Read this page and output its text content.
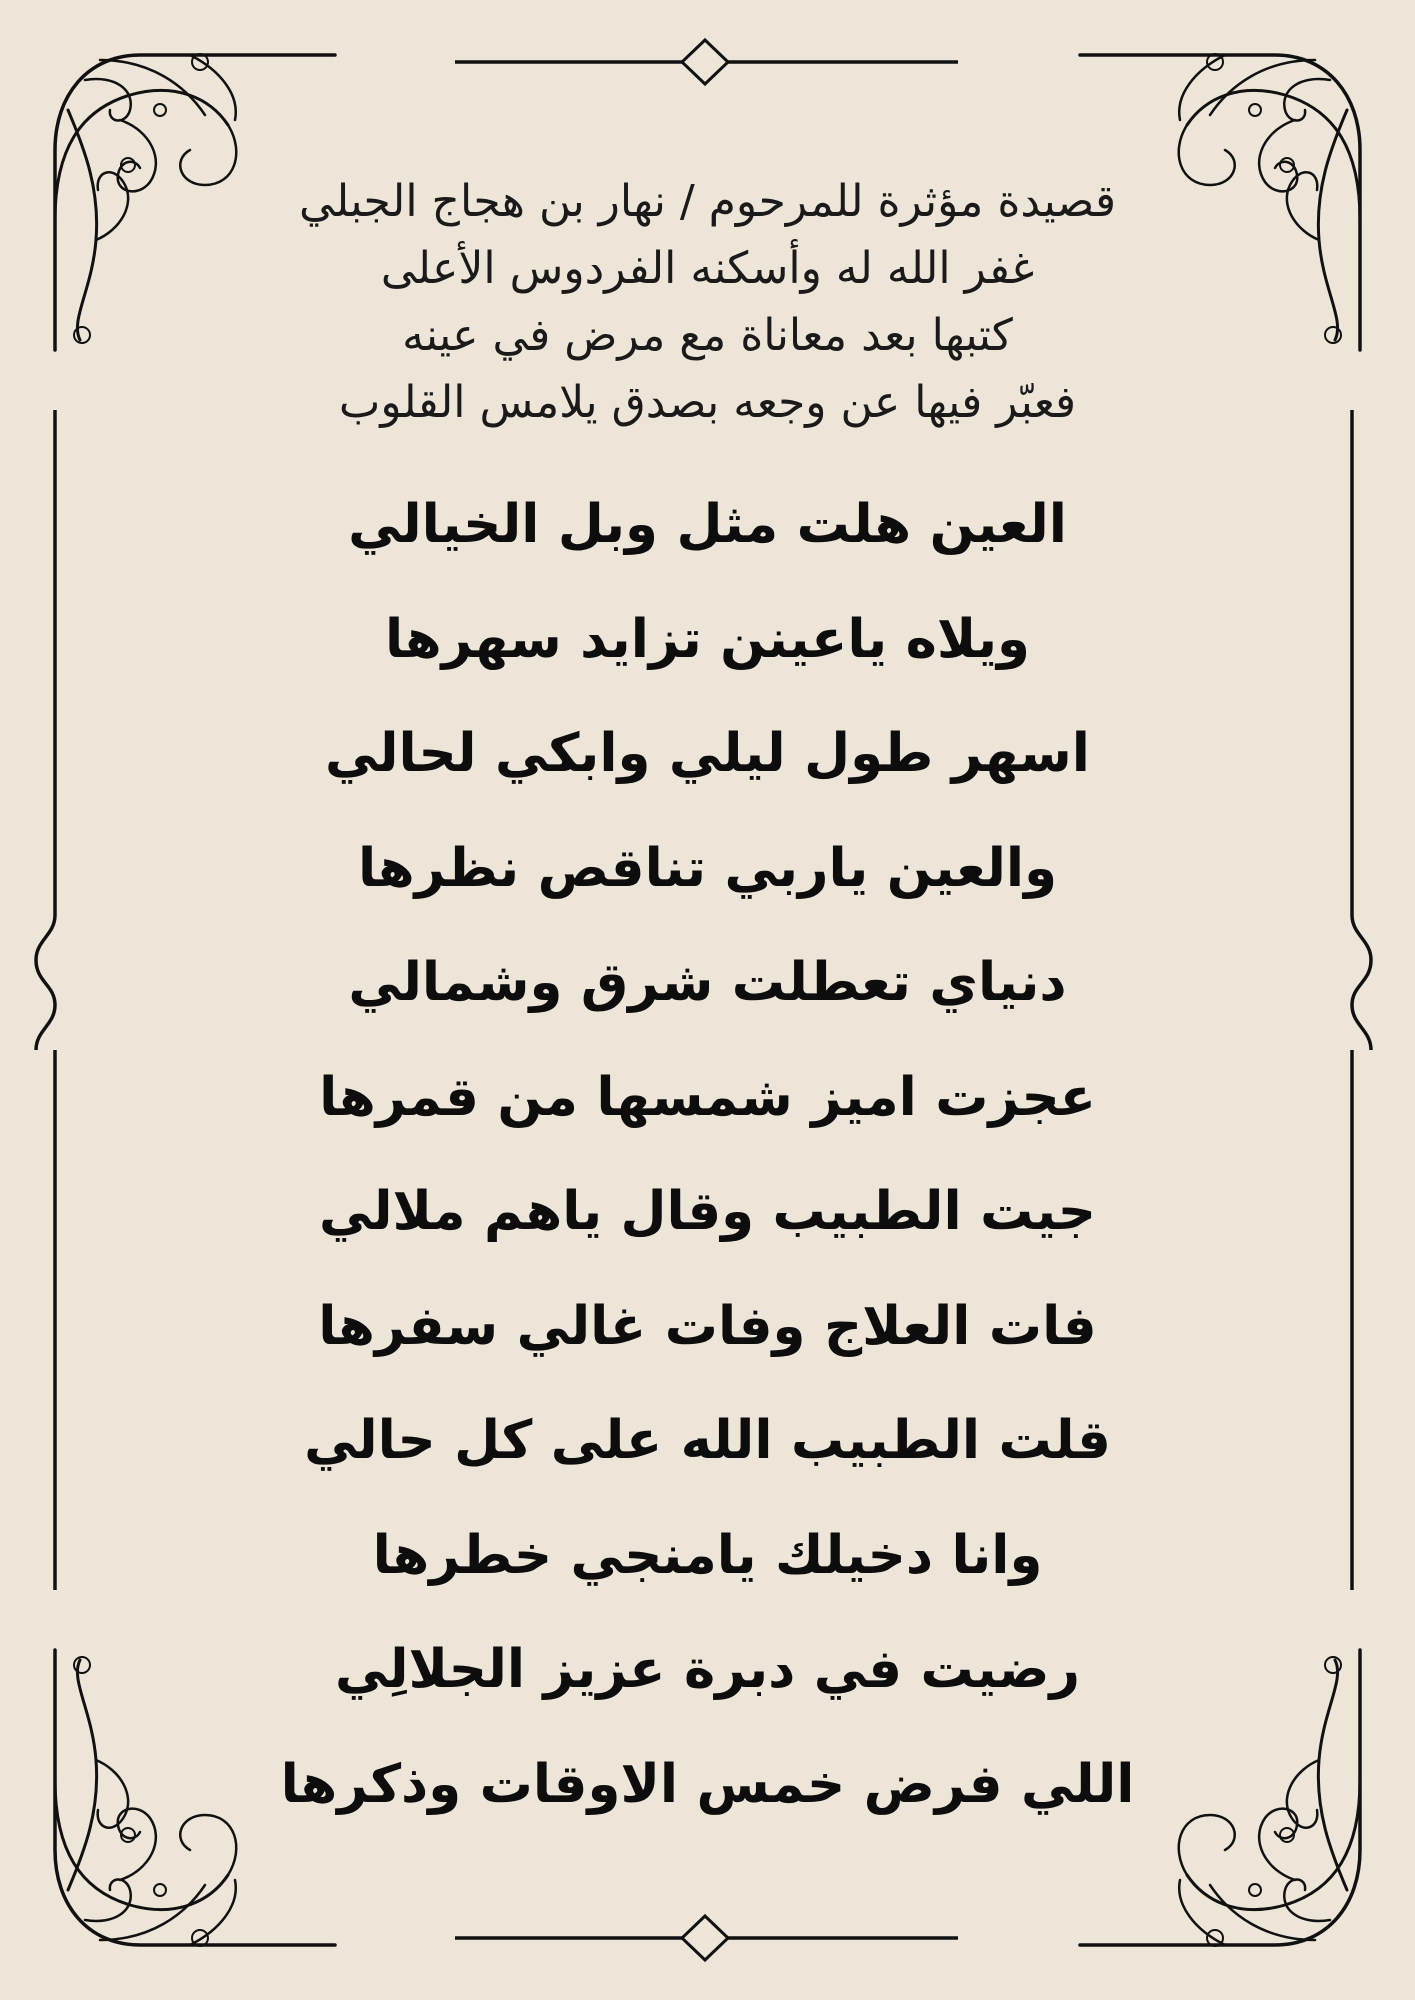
قصيدة مؤثرة للمرحوم / نهار بن هجاج الجبلي
غفر الله له وأسكنه الفردوس الأعلى
كتبها بعد معاناة مع مرض في عينه
فعبّر فيها عن وجعه بصدق يلامس القلوب
العين هلت مثل وبل الخيالي
ويلاه ياعينن تزايد سهرها
اسهر طول ليلي وابكي لحالي
والعين ياربي تناقص نظرها
دنياي تعطلت شرق وشمالي
عجزت اميز شمسها من قمرها
جيت الطبيب وقال ياهم ملالي
فات العلاج وفات غالي سفرها
قلت الطبيب الله على كل حالي
وانا دخيلك يامنجي خطرها
رضيت في دبرة عزيز الجلالِي
اللي فرض خمس الاوقات وذكرها
